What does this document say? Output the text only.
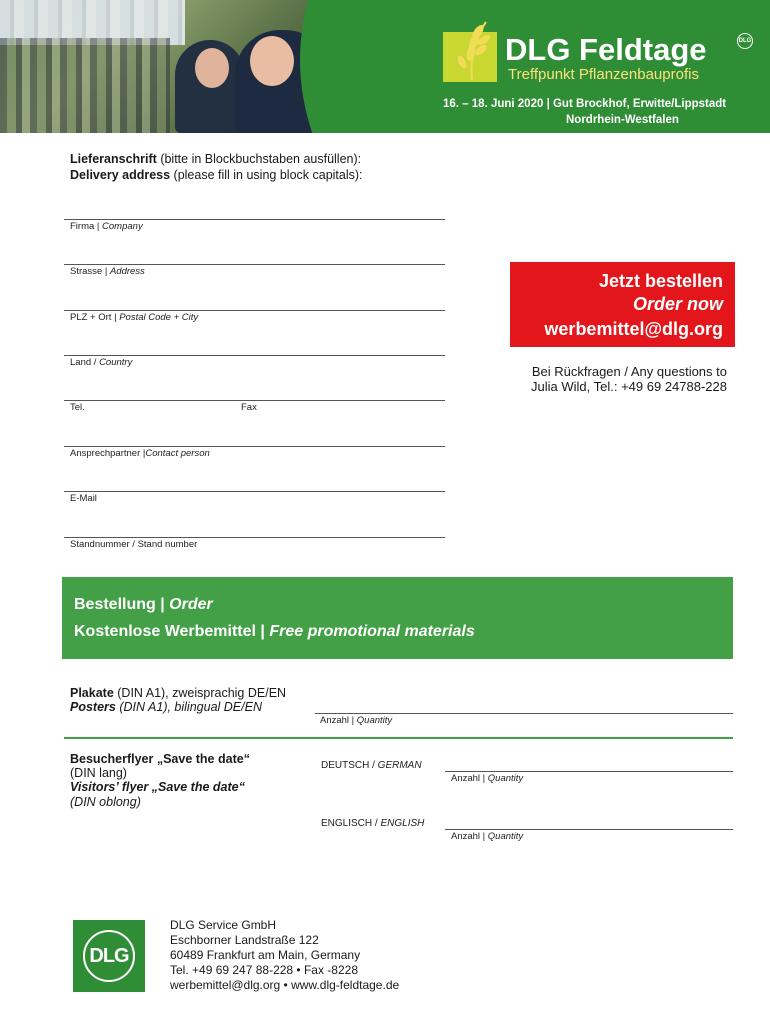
DLG Feldtage	DLG
Treffpunkt Pflanzenbauprofis
16. – 18. Juni 2020 | Gut Brockhof, Erwitte/Lippstadt
Nordrhein-Westfalen
Lieferanschrift (bitte in Blockbuchstaben ausfüllen):
Delivery address (please fill in using block capitals):
Firma | Company
Strasse | Address
PLZ + Ort | Postal Code + City
Land / Country
Tel.	Fax
Ansprechpartner |Contact person
E-Mail
Standnummer / Stand number
Jetzt bestellen
Order now
werbemittel@dlg.org
Bei Rückfragen / Any questions to
Julia Wild, Tel.: +49 69 24788-228
Bestellung | Order
Kostenlose Werbemittel | Free promotional materials
Plakate (DIN A1), zweisprachig DE/EN
Posters (DIN A1), bilingual DE/EN
Anzahl | Quantity
Besucherflyer „Save the date“
(DIN lang)
Visitors’ flyer „Save the date“
(DIN oblong)
DEUTSCH / GERMAN
Anzahl | Quantity
ENGLISCH / ENGLISH
Anzahl | Quantity
DLG
DLG Service GmbH
Eschborner Landstraße 122
60489 Frankfurt am Main, Germany
Tel. +49 69 247 88-228 • Fax -8228
werbemittel@dlg.org • www.dlg-feldtage.de
